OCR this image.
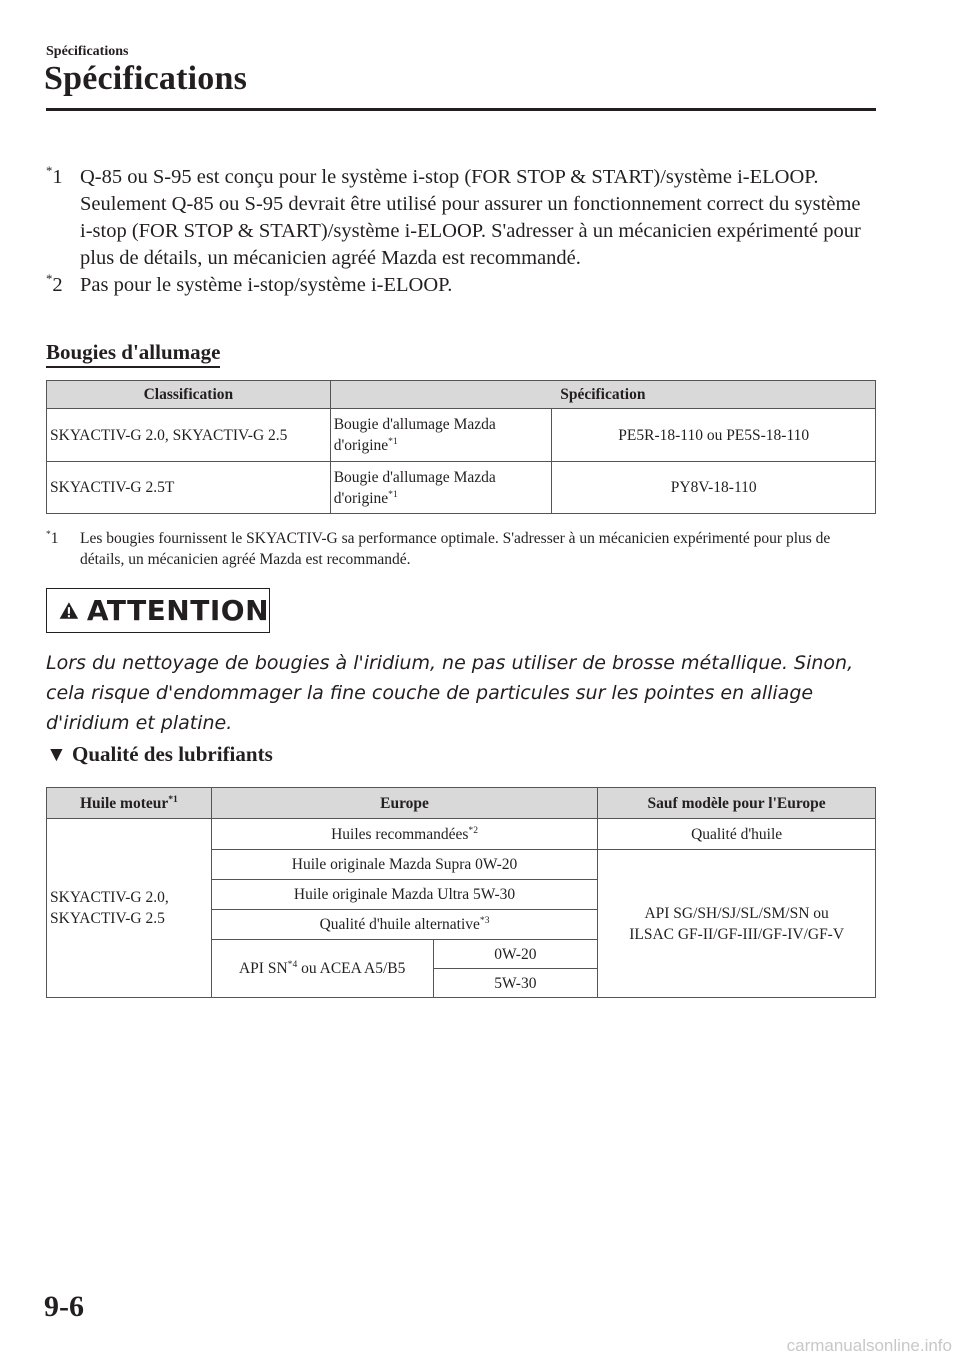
Spécifications
Spécifications
*1 Q-85 ou S-95 est conçu pour le système i-stop (FOR STOP & START)/système i-ELOOP. Seulement Q-85 ou S-95 devrait être utilisé pour assurer un fonctionnement correct du système i-stop (FOR STOP & START)/système i-ELOOP. S'adresser à un mécanicien expérimenté pour plus de détails, un mécanicien agréé Mazda est recommandé.
*2 Pas pour le système i-stop/système i-ELOOP.
Bougies d'allumage
Classification	Spécification	
SKYACTIV-G 2.0, SKYACTIV-G 2.5	Bougie d'allumage Mazda d'origine$^{*1}$	PE5R-18-110 ou PE5S-18-110
SKYACTIV-G 2.5T	Bougie d'allumage Mazda d'origine$^{*1}$	PY8V-18-110
*1 Les bougies fournissent le SKYACTIV-G sa performance optimale. S'adresser à un mécanicien expérimenté pour plus de détails, un mécanicien agréé Mazda est recommandé.
ATTENTION
Lors du nettoyage de bougies à l'iridium, ne pas utiliser de brosse métallique. Sinon, cela risque d'endommager la fine couche de particules sur les pointes en alliage d'iridium et platine.
▼ Qualité des lubrifiants
Huile moteur$^{*1}$	Europe		Sauf modèle pour l'Europe
SKYACTIV-G 2.0, SKYACTIV-G 2.5	Huiles recommandées$^{*2}$		Qualité d'huile
	Huile originale Mazda Supra 0W-20		API SG/SH/SJ/SL/SM/SN ou
ILSAC GF-II/GF-III/GF-IV/GF-V
	Huile originale Mazda Ultra 5W-30		
	Qualité d'huile alternative$^{*3}$
	API SN$^{*4}$ ou ACEA A5/B5	0W-20	
		5W-30	
9-6
carmanualsonline.info
